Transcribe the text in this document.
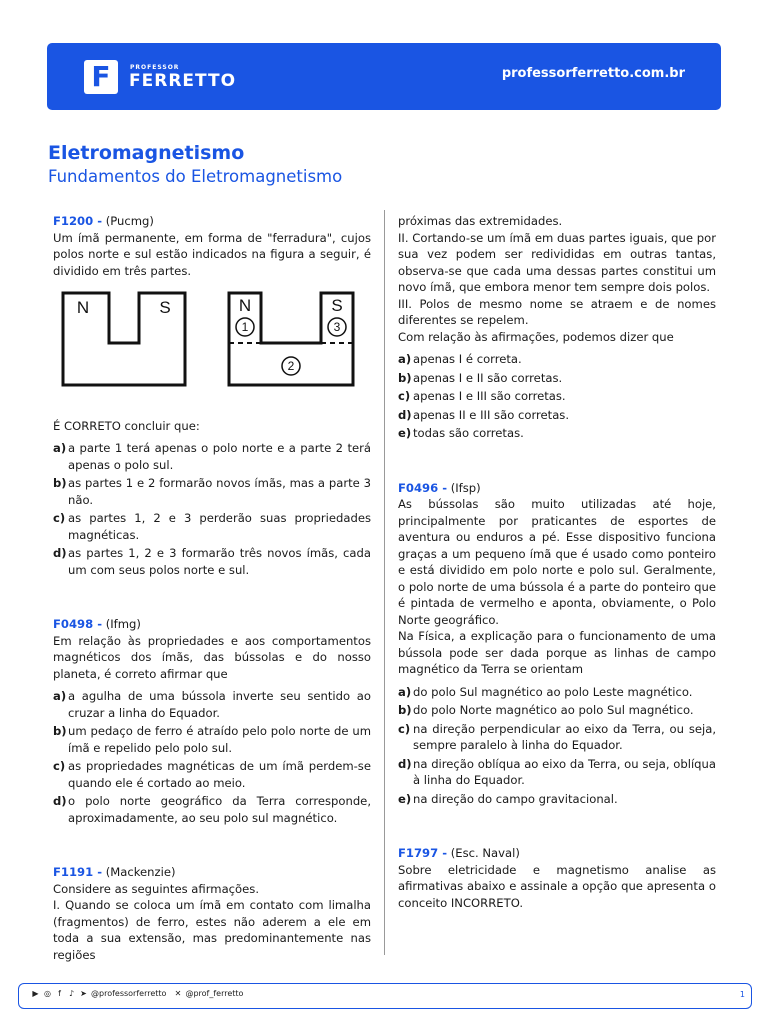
F	PROFESSOR
FERRETTO	professorferretto.com.br
Eletromagnetismo
Fundamentos do Eletromagnetismo

F1200 - (Pucmg)

Um ímã permanente, em forma de "ferradura", cujos polos norte e sul estão indicados na figura a seguir, é dividido em três partes.

N	S	N	S
1
2
3

É CORRETO concluir que:

a) a parte 1 terá apenas o polo norte e a parte 2 terá apenas o polo sul.
b) as partes 1 e 2 formarão novos ímãs, mas a parte 3 não.
c) as partes 1, 2 e 3 perderão suas propriedades magnéticas.
d) as partes 1, 2 e 3 formarão três novos ímãs, cada um com seus polos norte e sul.

F0498 - (Ifmg)

Em relação às propriedades e aos comportamentos magnéticos dos ímãs, das bússolas e do nosso planeta, é correto afirmar que

a) a agulha de uma bússola inverte seu sentido ao cruzar a linha do Equador.
b) um pedaço de ferro é atraído pelo polo norte de um ímã e repelido pelo polo sul.
c) as propriedades magnéticas de um ímã perdem-se quando ele é cortado ao meio.
d) o polo norte geográfico da Terra corresponde, aproximadamente, ao seu polo sul magnético.

F1191 - (Mackenzie)

Considere as seguintes afirmações.

I. Quando se coloca um ímã em contato com limalha (fragmentos) de ferro, estes não aderem a ele em toda a sua extensão, mas predominantemente nas regiões

próximas das extremidades.

II. Cortando-se um ímã em duas partes iguais, que por sua vez podem ser redivididas em outras tantas, observa-se que cada uma dessas partes constitui um novo ímã, que embora menor tem sempre dois polos.

III. Polos de mesmo nome se atraem e de nomes diferentes se repelem.

Com relação às afirmações, podemos dizer que

a) apenas I é correta.
b) apenas I e II são corretas.
c) apenas I e III são corretas.
d) apenas II e III são corretas.
e) todas são corretas.

F0496 - (Ifsp)

As bússolas são muito utilizadas até hoje, principalmente por praticantes de esportes de aventura ou enduros a pé. Esse dispositivo funciona graças a um pequeno ímã que é usado como ponteiro e está dividido em polo norte e polo sul. Geralmente, o polo norte de uma bússola é a parte do ponteiro que é pintada de vermelho e aponta, obviamente, o Polo Norte geográfico.

Na Física, a explicação para o funcionamento de uma bússola pode ser dada porque as linhas de campo magnético da Terra se orientam

a) do polo Sul magnético ao polo Leste magnético.
b) do polo Norte magnético ao polo Sul magnético.
c) na direção perpendicular ao eixo da Terra, ou seja, sempre paralelo à linha do Equador.
d) na direção oblíqua ao eixo da Terra, ou seja, oblíqua à linha do Equador.
e) na direção do campo gravitacional.

F1797 - (Esc. Naval)

Sobre eletricidade e magnetismo analise as afirmativas abaixo e assinale a opção que apresenta o conceito INCORRETO.

▶ ◎ f	♪ ➤ @professorferretto ✕ @prof_ferretto	1
